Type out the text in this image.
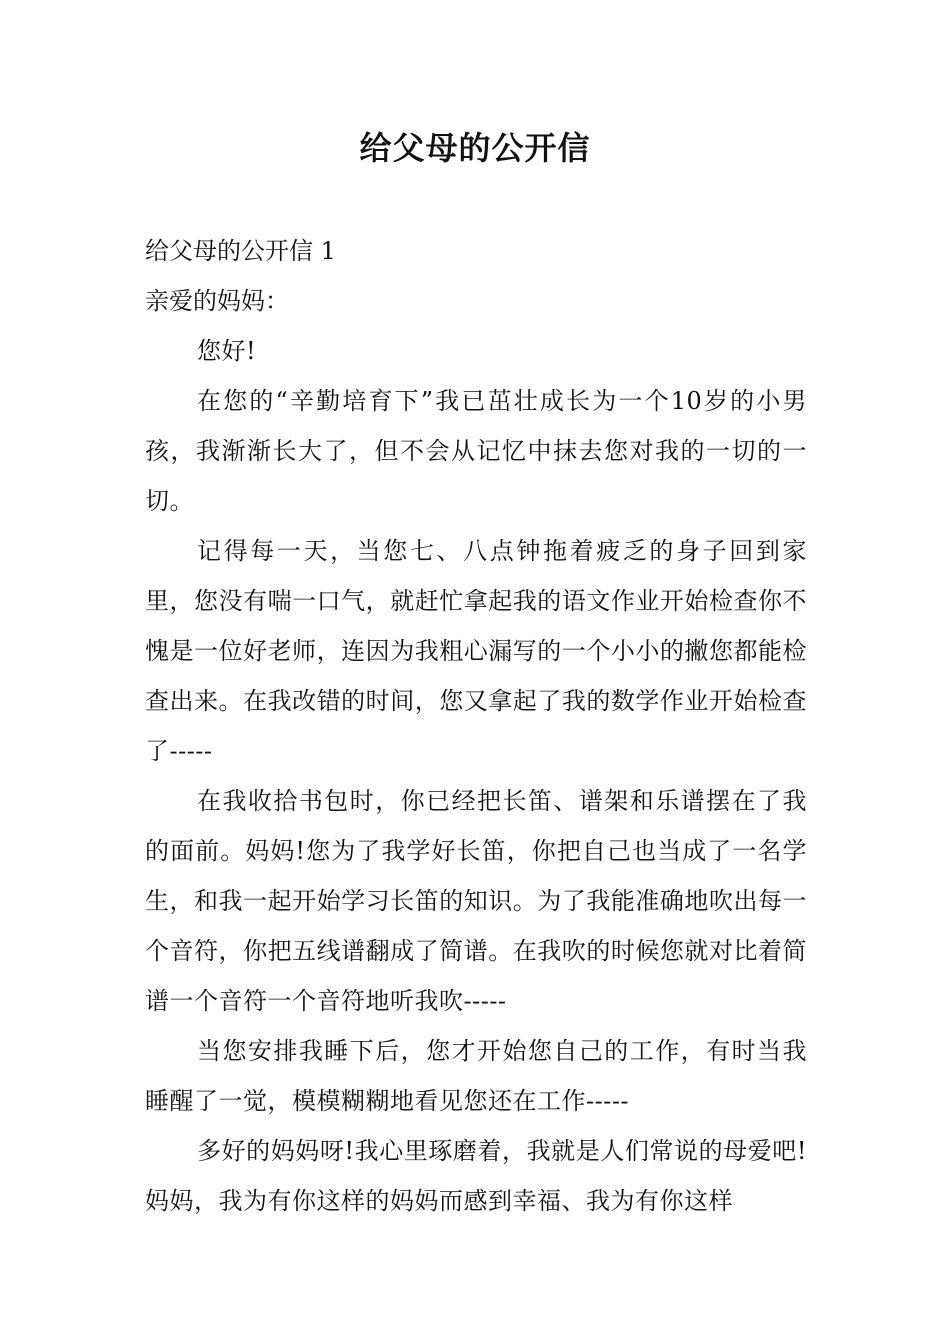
给父母的公开信
给父母的公开信 1
亲爱的妈妈：
您好!
在您的“辛勤培育下”我已茁壮成长为一个10岁的小男孩，我渐渐长大了，但不会从记忆中抹去您对我的一切的一切。
记得每一天，当您七、八点钟拖着疲乏的身子回到家里，您没有喘一口气，就赶忙拿起我的语文作业开始检查你不愧是一位好老师，连因为我粗心漏写的一个小小的撇您都能检查出来。在我改错的时间，您又拿起了我的数学作业开始检查了-----
在我收拾书包时，你已经把长笛、谱架和乐谱摆在了我的面前。妈妈!您为了我学好长笛，你把自己也当成了一名学生，和我一起开始学习长笛的知识。为了我能准确地吹出每一个音符，你把五线谱翻成了简谱。在我吹的时候您就对比着简谱一个音符一个音符地听我吹-----
当您安排我睡下后，您才开始您自己的工作，有时当我睡醒了一觉，模模糊糊地看见您还在工作-----
多好的妈妈呀!我心里琢磨着，我就是人们常说的母爱吧!妈妈，我为有你这样的妈妈而感到幸福、我为有你这样
